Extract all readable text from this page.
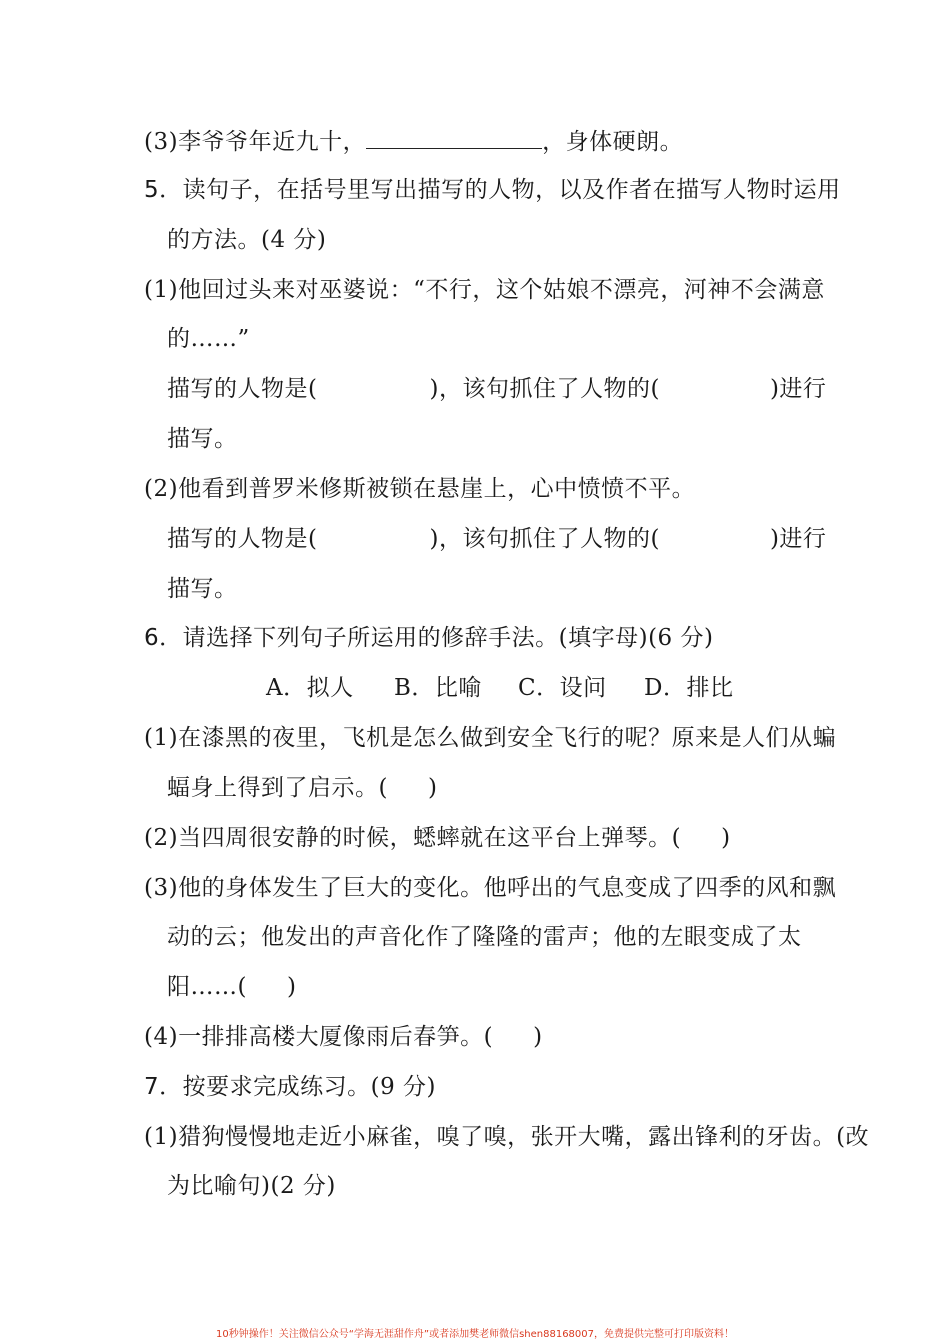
(3)李爷爷年近九十，	，身体硬朗。
5．读句子，在括号里写出描写的人物，以及作者在描写人物时运用
的方法。(4 分)
(1)他回过头来对巫婆说：“不行，这个姑娘不漂亮，河神不会满意
的……”
描写的人物是(	)，该句抓住了人物的(	)进行
描写。
(2)他看到普罗米修斯被锁在悬崖上，心中愤愤不平。
描写的人物是(	)，该句抓住了人物的(	)进行
描写。
6．请选择下列句子所运用的修辞手法。(填字母)(6 分)
A．拟人 B．比喻 C．设问 D．排比
(1)在漆黑的夜里，飞机是怎么做到安全飞行的呢？原来是人们从蝙
蝠身上得到了启示。( )
(2)当四周很安静的时候，蟋蟀就在这平台上弹琴。( )
(3)他的身体发生了巨大的变化。他呼出的气息变成了四季的风和飘
动的云；他发出的声音化作了隆隆的雷声；他的左眼变成了太
阳……( )
(4)一排排高楼大厦像雨后春笋。( )
7．按要求完成练习。(9 分)
(1)猎狗慢慢地走近小麻雀，嗅了嗅，张开大嘴，露出锋利的牙齿。(改
为比喻句)(2 分)
10秒钟操作！关注微信公众号“学海无涯甜作舟”或者添加樊老师微信shen88168007，免费提供完整可打印版资料！
